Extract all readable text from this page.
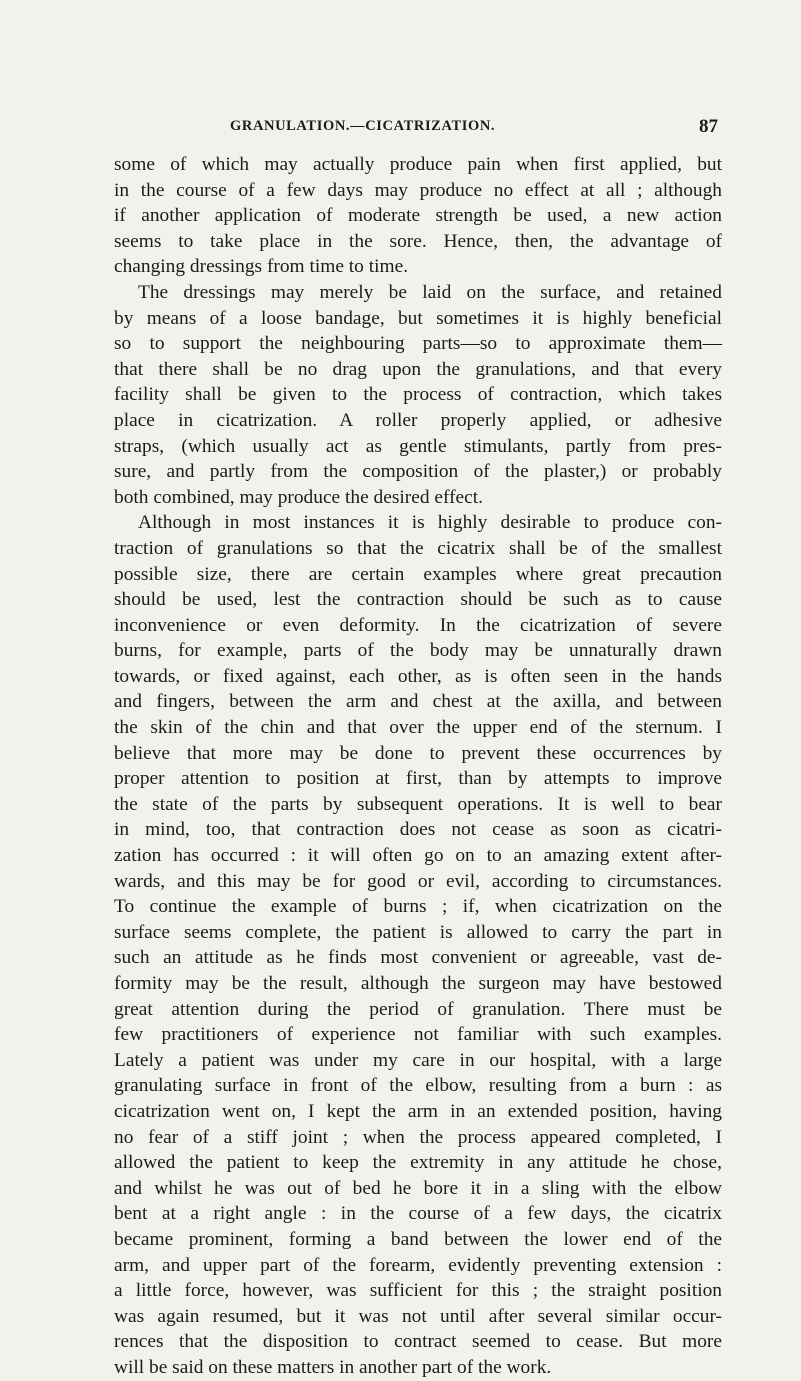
GRANULATION.—CICATRIZATION.	87
some of which may actually produce pain when first applied, but
in the course of a few days may produce no effect at all ; although
if another application of moderate strength be used, a new action
seems to take place in the sore. Hence, then, the advantage of
changing dressings from time to time.
The dressings may merely be laid on the surface, and retained
by means of a loose bandage, but sometimes it is highly beneficial
so to support the neighbouring parts—so to approximate them—
that there shall be no drag upon the granulations, and that every
facility shall be given to the process of contraction, which takes
place in cicatrization. A roller properly applied, or adhesive
straps, (which usually act as gentle stimulants, partly from pres-
sure, and partly from the composition of the plaster,) or probably
both combined, may produce the desired effect.
Although in most instances it is highly desirable to produce con-
traction of granulations so that the cicatrix shall be of the smallest
possible size, there are certain examples where great precaution
should be used, lest the contraction should be such as to cause
inconvenience or even deformity. In the cicatrization of severe
burns, for example, parts of the body may be unnaturally drawn
towards, or fixed against, each other, as is often seen in the hands
and fingers, between the arm and chest at the axilla, and between
the skin of the chin and that over the upper end of the sternum. I
believe that more may be done to prevent these occurrences by
proper attention to position at first, than by attempts to improve
the state of the parts by subsequent operations. It is well to bear
in mind, too, that contraction does not cease as soon as cicatri-
zation has occurred : it will often go on to an amazing extent after-
wards, and this may be for good or evil, according to circumstances.
To continue the example of burns ; if, when cicatrization on the
surface seems complete, the patient is allowed to carry the part in
such an attitude as he finds most convenient or agreeable, vast de-
formity may be the result, although the surgeon may have bestowed
great attention during the period of granulation. There must be
few practitioners of experience not familiar with such examples.
Lately a patient was under my care in our hospital, with a large
granulating surface in front of the elbow, resulting from a burn : as
cicatrization went on, I kept the arm in an extended position, having
no fear of a stiff joint ; when the process appeared completed, I
allowed the patient to keep the extremity in any attitude he chose,
and whilst he was out of bed he bore it in a sling with the elbow
bent at a right angle : in the course of a few days, the cicatrix
became prominent, forming a band between the lower end of the
arm, and upper part of the forearm, evidently preventing extension :
a little force, however, was sufficient for this ; the straight position
was again resumed, but it was not until after several similar occur-
rences that the disposition to contract seemed to cease. But more
will be said on these matters in another part of the work.
